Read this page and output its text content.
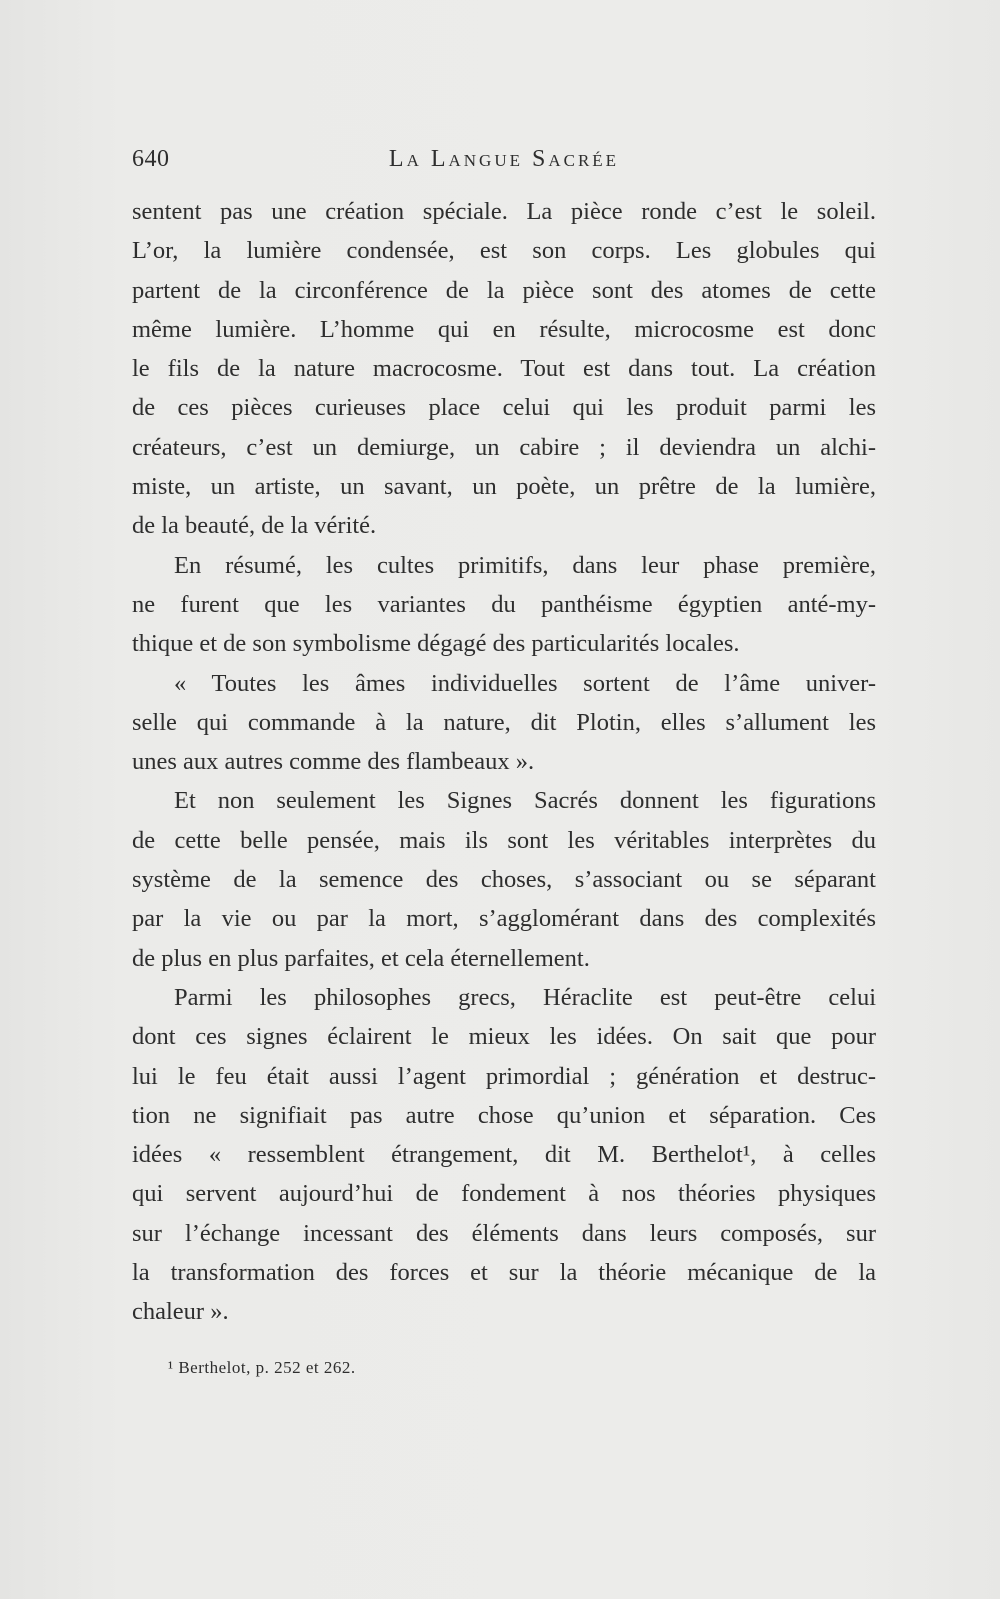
640	La Langue Sacrée
sentent pas une création spéciale. La pièce ronde c’est le soleil.
L’or, la lumière condensée, est son corps. Les globules qui
partent de la circonférence de la pièce sont des atomes de cette
même lumière. L’homme qui en résulte, microcosme est donc
le fils de la nature macrocosme. Tout est dans tout. La création
de ces pièces curieuses place celui qui les produit parmi les
créateurs, c’est un demiurge, un cabire ; il deviendra un alchi-
miste, un artiste, un savant, un poète, un prêtre de la lumière,
de la beauté, de la vérité.
En résumé, les cultes primitifs, dans leur phase première,
ne furent que les variantes du panthéisme égyptien anté-my-
thique et de son symbolisme dégagé des particularités locales.
« Toutes les âmes individuelles sortent de l’âme univer-
selle qui commande à la nature, dit Plotin, elles s’allument les
unes aux autres comme des flambeaux ».
Et non seulement les Signes Sacrés donnent les figurations
de cette belle pensée, mais ils sont les véritables interprètes du
système de la semence des choses, s’associant ou se séparant
par la vie ou par la mort, s’agglomérant dans des complexités
de plus en plus parfaites, et cela éternellement.
Parmi les philosophes grecs, Héraclite est peut-être celui
dont ces signes éclairent le mieux les idées. On sait que pour
lui le feu était aussi l’agent primordial ; génération et destruc-
tion ne signifiait pas autre chose qu’union et séparation. Ces
idées « ressemblent étrangement, dit M. Berthelot¹, à celles
qui servent aujourd’hui de fondement à nos théories physiques
sur l’échange incessant des éléments dans leurs composés, sur
la transformation des forces et sur la théorie mécanique de la
chaleur ».
¹ Berthelot, p. 252 et 262.
